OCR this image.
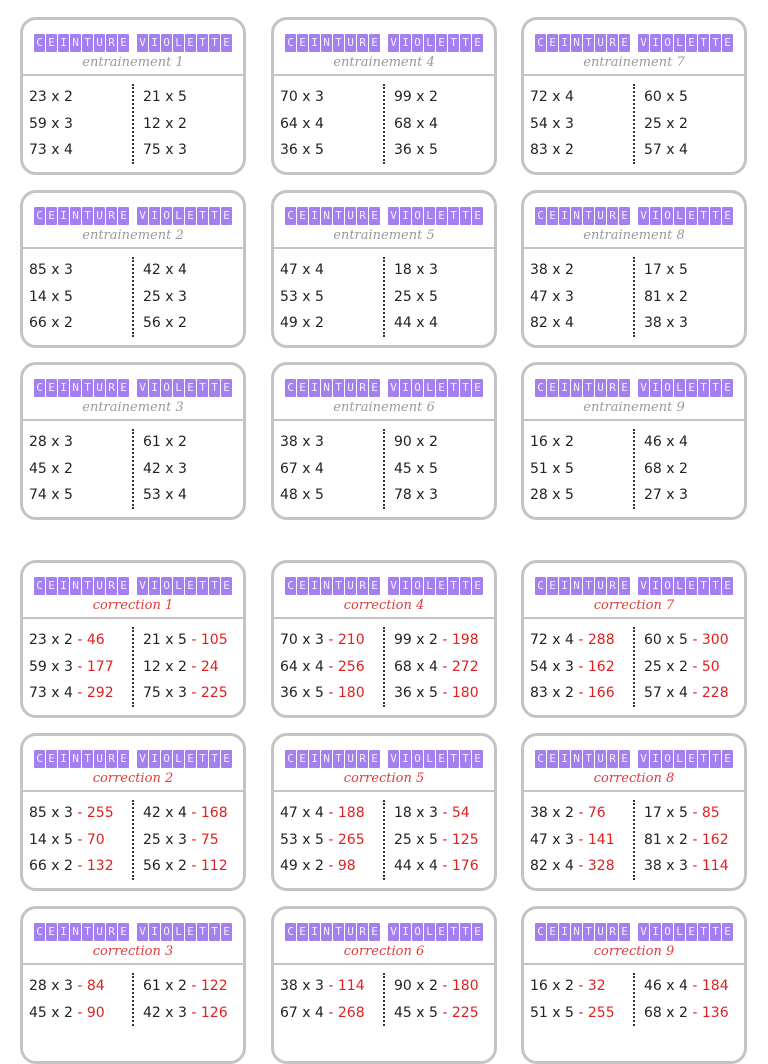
C E I N T U R E V I O L E T T E
entrainement 1
23 x 2
59 x 3
73 x 4
21 x 5
12 x 2
75 x 3
C E I N T U R E V I O L E T T E
entrainement 4
70 x 3
64 x 4
36 x 5
99 x 2
68 x 4
36 x 5
C E I N T U R E V I O L E T T E
entrainement 7
72 x 4
54 x 3
83 x 2
60 x 5
25 x 2
57 x 4
C E I N T U R E V I O L E T T E
entrainement 2
85 x 3
14 x 5
66 x 2
42 x 4
25 x 3
56 x 2
C E I N T U R E V I O L E T T E
entrainement 5
47 x 4
53 x 5
49 x 2
18 x 3
25 x 5
44 x 4
C E I N T U R E V I O L E T T E
entrainement 8
38 x 2
47 x 3
82 x 4
17 x 5
81 x 2
38 x 3
C E I N T U R E V I O L E T T E
entrainement 3
28 x 3
45 x 2
74 x 5
61 x 2
42 x 3
53 x 4
C E I N T U R E V I O L E T T E
entrainement 6
38 x 3
67 x 4
48 x 5
90 x 2
45 x 5
78 x 3
C E I N T U R E V I O L E T T E
entrainement 9
16 x 2
51 x 5
28 x 5
46 x 4
68 x 2
27 x 3
C E I N T U R E V I O L E T T E
correction 1
23 x 2 - 46
59 x 3 - 177
73 x 4 - 292
21 x 5 - 105
12 x 2 - 24
75 x 3 - 225
C E I N T U R E V I O L E T T E
correction 4
70 x 3 - 210
64 x 4 - 256
36 x 5 - 180
99 x 2 - 198
68 x 4 - 272
36 x 5 - 180
C E I N T U R E V I O L E T T E
correction 7
72 x 4 - 288
54 x 3 - 162
83 x 2 - 166
60 x 5 - 300
25 x 2 - 50
57 x 4 - 228
C E I N T U R E V I O L E T T E
correction 2
85 x 3 - 255
14 x 5 - 70
66 x 2 - 132
42 x 4 - 168
25 x 3 - 75
56 x 2 - 112
C E I N T U R E V I O L E T T E
correction 5
47 x 4 - 188
53 x 5 - 265
49 x 2 - 98
18 x 3 - 54
25 x 5 - 125
44 x 4 - 176
C E I N T U R E V I O L E T T E
correction 8
38 x 2 - 76
47 x 3 - 141
82 x 4 - 328
17 x 5 - 85
81 x 2 - 162
38 x 3 - 114
C E I N T U R E V I O L E T T E
correction 3
28 x 3 - 84
45 x 2 - 90
61 x 2 - 122
42 x 3 - 126
C E I N T U R E V I O L E T T E
correction 6
38 x 3 - 114
67 x 4 - 268
90 x 2 - 180
45 x 5 - 225
C E I N T U R E V I O L E T T E
correction 9
16 x 2 - 32
51 x 5 - 255
46 x 4 - 184
68 x 2 - 136
